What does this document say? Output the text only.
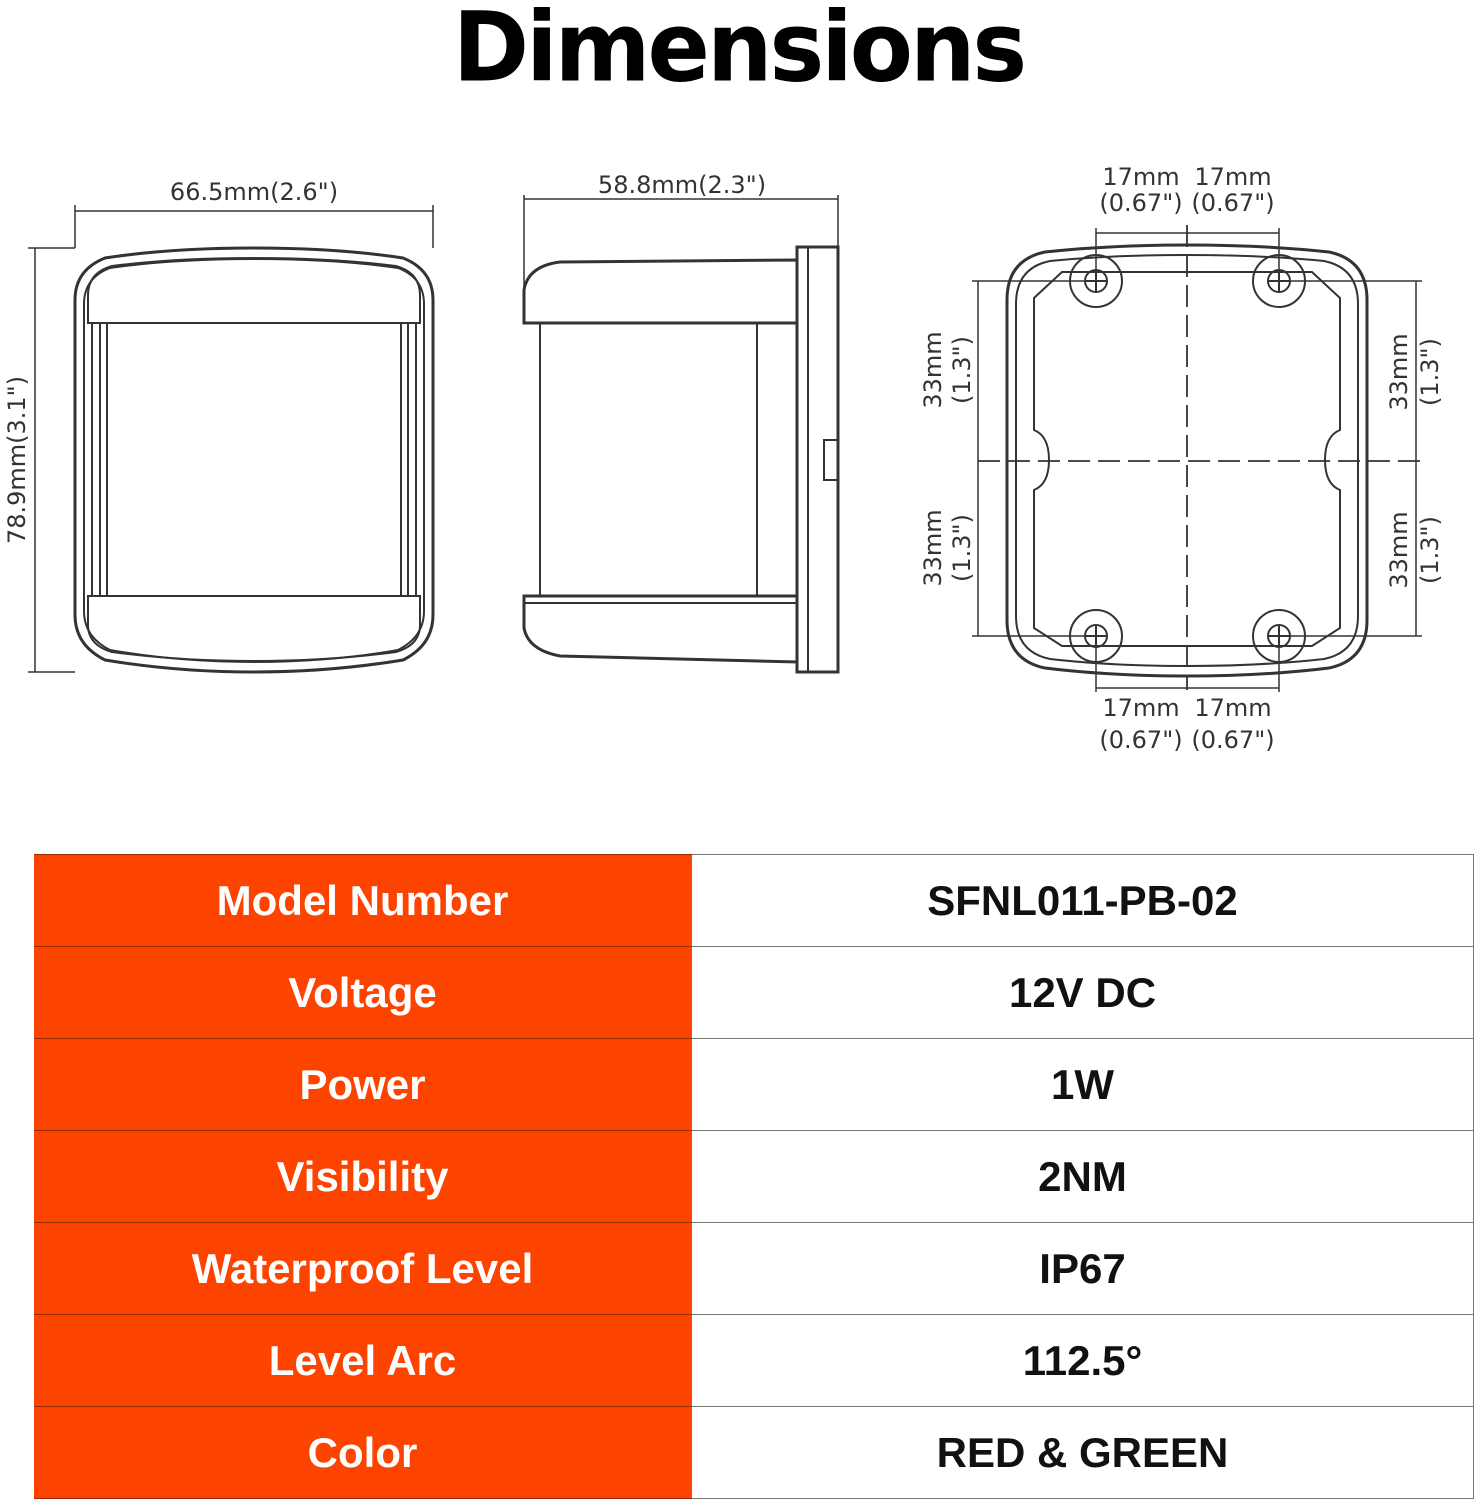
Dimensions
66.5mm(2.6")
78.9mm(3.1")
58.8mm(2.3")	17mm
(0.67")
17mm
(0.67")
17mm
(0.67")
17mm
(0.67")
33mm (1.3")
33mm (1.3")
33mm (1.3")
33mm (1.3")
Model Number	SFNL011-PB-02
Voltage	12V DC
Power	1W
Visibility	2NM
Waterproof Level	IP67
Level Arc	112.5°
Color	RED & GREEN
